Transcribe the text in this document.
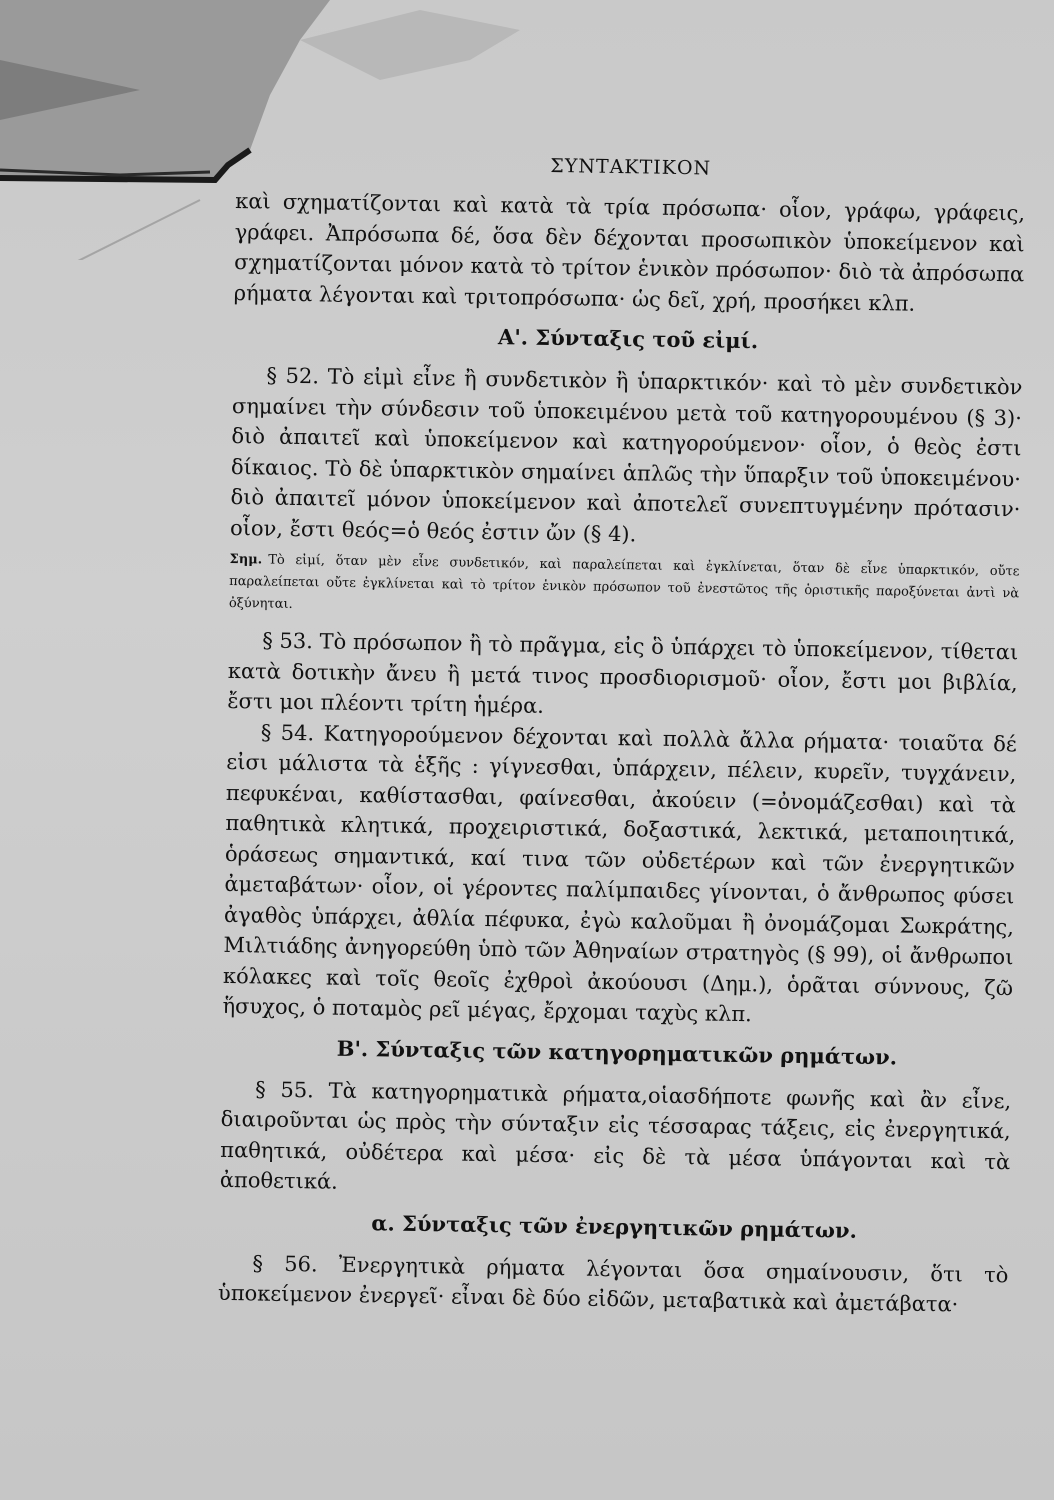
ΣΥΝΤΑΚΤΙΚΟΝ

καὶ σχηματίζονται καὶ κατὰ τὰ τρία πρόσωπα· οἷον, γράφω, γράφεις, γράφει. Ἀπρόσωπα δέ, ὅσα δὲν δέχονται προσωπικὸν ὑποκείμενον καὶ σχηματίζονται μόνον κατὰ τὸ τρίτον ἑνικὸν πρόσωπον· διὸ τὰ ἀπρόσωπα ρήματα λέγονται καὶ τριτοπρόσωπα· ὡς δεῖ, χρή, προσήκει κλπ.

Α'. Σύνταξις τοῦ εἰμί.

§ 52. Τὸ εἰμὶ εἶνε ἢ συνδετικὸν ἢ ὑπαρκτικόν· καὶ τὸ μὲν συνδετικὸν σημαίνει τὴν σύνδεσιν τοῦ ὑποκειμένου μετὰ τοῦ κατηγορουμένου (§ 3)· διὸ ἀπαιτεῖ καὶ ὑποκείμενον καὶ κατηγορούμενον· οἷον, ὁ θεὸς ἐστι δίκαιος. Τὸ δὲ ὑπαρκτικὸν σημαίνει ἁπλῶς τὴν ὕπαρξιν τοῦ ὑποκειμένου· διὸ ἀπαιτεῖ μόνον ὑποκείμενον καὶ ἀποτελεῖ συνεπτυγμένην πρότασιν· οἷον, ἔστι θεός=ὁ θεός ἐστιν ὤν (§ 4).

Σημ. Τὸ εἰμί, ὅταν μὲν εἶνε συνδετικόν, καὶ παραλείπεται καὶ ἐγκλίνεται, ὅταν δὲ εἶνε ὑπαρκτικόν, οὔτε παραλείπεται οὔτε ἐγκλίνεται καὶ τὸ τρίτον ἑνικὸν πρόσωπον τοῦ ἐνεστῶτος τῆς ὁριστικῆς παροξύνεται ἀντὶ νὰ ὀξύνηται.

§ 53. Τὸ πρόσωπον ἢ τὸ πρᾶγμα, εἰς ὃ ὑπάρχει τὸ ὑποκείμενον, τίθεται κατὰ δοτικὴν ἄνευ ἢ μετά τινος προσδιορισμοῦ· οἷον, ἔστι μοι βιβλία, ἔστι μοι πλέοντι τρίτη ἡμέρα.

§ 54. Κατηγορούμενον δέχονται καὶ πολλὰ ἄλλα ρήματα· τοιαῦτα δέ εἰσι μάλιστα τὰ ἑξῆς : γίγνεσθαι, ὑπάρχειν, πέλειν, κυρεῖν, τυγχάνειν, πεφυκέναι, καθίστασθαι, φαίνεσθαι, ἀκούειν (=ὀνομάζεσθαι) καὶ τὰ παθητικὰ κλητικά, προχειριστικά, δοξαστικά, λεκτικά, μεταποιητικά, ὁράσεως σημαντικά, καί τινα τῶν οὐδετέρων καὶ τῶν ἐνεργητικῶν ἀμεταβάτων· οἷον, οἱ γέροντες παλίμπαιδες γίνονται, ὁ ἄνθρωπος φύσει ἀγαθὸς ὑπάρχει, ἀθλία πέφυκα, ἐγὼ καλοῦμαι ἢ ὀνομάζομαι Σωκράτης, Μιλτιάδης ἀνηγορεύθη ὑπὸ τῶν Ἀθηναίων στρατηγὸς (§ 99), οἱ ἄνθρωποι κόλακες καὶ τοῖς θεοῖς ἐχθροὶ ἀκούουσι (Δημ.), ὁρᾶται σύννους, ζῶ ἥσυχος, ὁ ποταμὸς ρεῖ μέγας, ἔρχομαι ταχὺς κλπ.

Β'. Σύνταξις τῶν κατηγορηματικῶν ρημάτων.

§ 55. Τὰ κατηγορηματικὰ ρήματα,οἱασδήποτε φωνῆς καὶ ἂν εἶνε, διαιροῦνται ὡς πρὸς τὴν σύνταξιν εἰς τέσσαρας τάξεις, εἰς ἐνεργητικά, παθητικά, οὐδέτερα καὶ μέσα· εἰς δὲ τὰ μέσα ὑπάγονται καὶ τὰ ἀποθετικά.

α. Σύνταξις τῶν ἐνεργητικῶν ρημάτων.

§ 56. Ἐνεργητικὰ ρήματα λέγονται ὅσα σημαίνουσιν, ὅτι τὸ ὑποκείμενον ἐνεργεῖ· εἶναι δὲ δύο εἰδῶν, μεταβατικὰ καὶ ἀμετάβατα·
